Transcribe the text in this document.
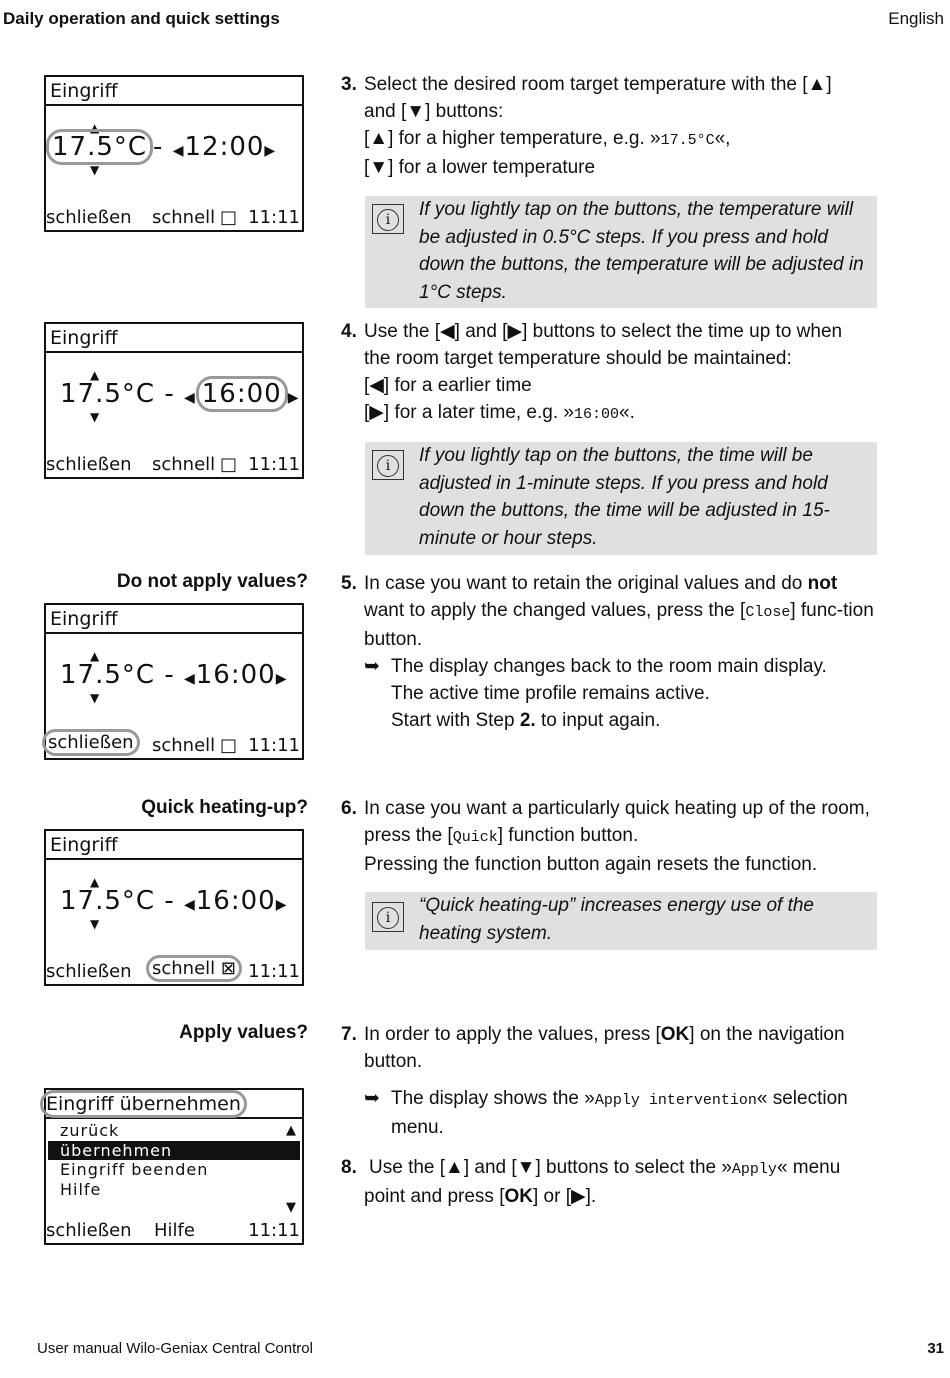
Daily operation and quick settings	English
Eingriff
▲
▼
17.5°C - ◀12:00▶
schließen schnell □ 11:11
Eingriff
▲
▼
17.5°C - ◀ 16:00 ▶
schließen schnell □ 11:11
Do not apply values?
Eingriff
▲
▼
17.5°C - ◀16:00▶
schließen	schnell □ 11:11
Quick heating-up?
Eingriff
▲
▼
17.5°C - ◀16:00▶
schließen	schnell ⊠ 11:11
Apply values?
Eingriff übernehmen
zurück
übernehmen
Eingriff beenden
Hilfe
▲
▼
schließen Hilfe	11:11
3. Select the desired room target temperature with the [▲]
and [▼] buttons:
[▲] for a higher temperature, e.g. »17.5°C«,
[▼] for a lower temperature
i	If you lightly tap on the buttons, the temperature will be adjusted in 0.5°C steps. If you press and hold down the buttons, the temperature will be adjusted in 1°C steps.
4. Use the [◀] and [▶] buttons to select the time up to when
the room target temperature should be maintained:
[◀] for a earlier time
[▶] for a later time, e.g. »16:00«.
i	If you lightly tap on the buttons, the time will be adjusted in 1-minute steps. If you press and hold down the buttons, the time will be adjusted in 15-minute or hour steps.
5. In case you want to retain the original values and do not want to apply the changed values, press the [Close] func-tion button.
➥ The display changes back to the room main display.
The active time profile remains active.
Start with Step 2. to input again.
6. In case you want a particularly quick heating up of the room, press the [Quick] function button.
Pressing the function button again resets the function.
i
“Quick heating-up” increases energy use of the heating system.
7. In order to apply the values, press [OK] on the navigation button.
➥ The display shows the »Apply intervention« selection menu.
8. Use the [▲] and [▼] buttons to select the »Apply« menu point and press [OK] or [▶].
User manual Wilo-Geniax Central Control	31
